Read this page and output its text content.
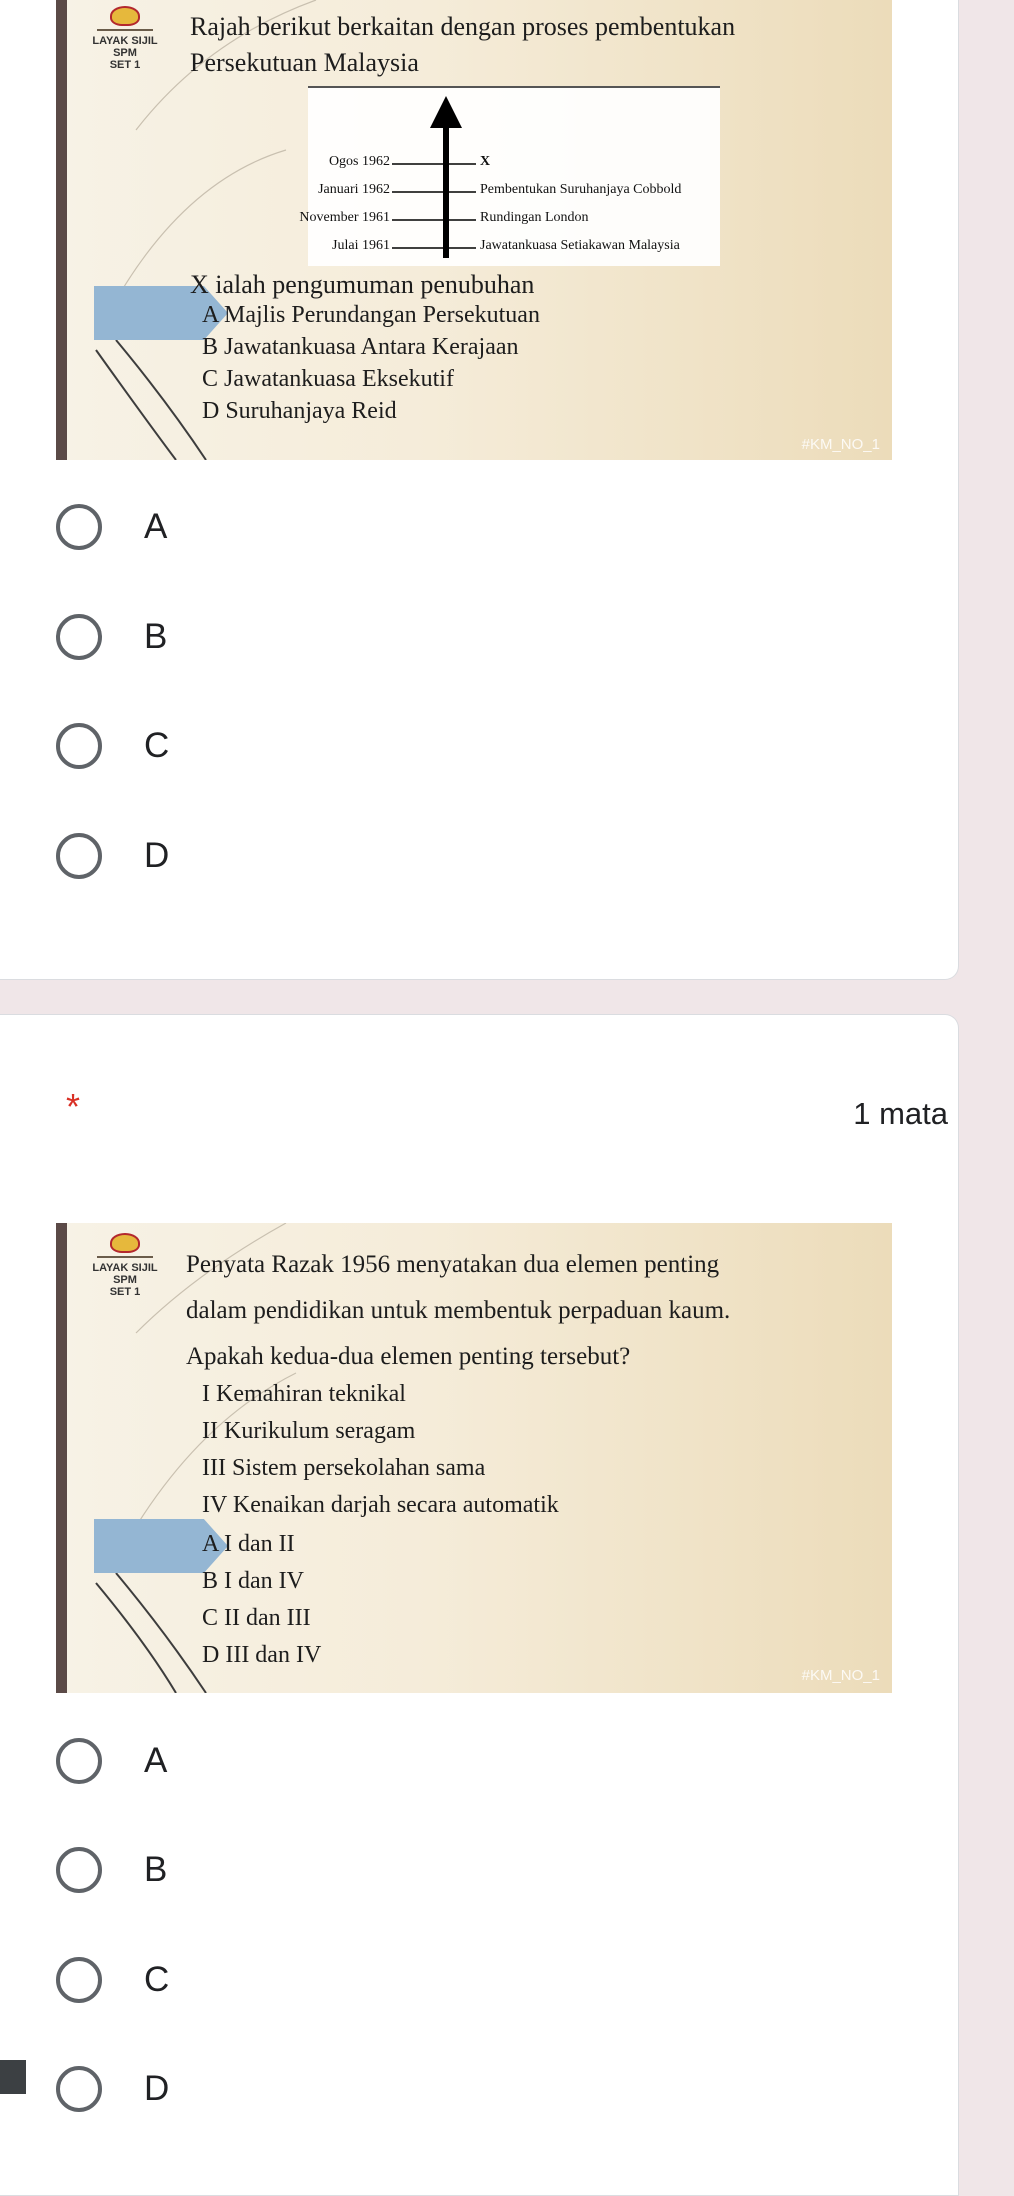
LAYAK SIJIL
SPM
SET 1
Rajah berikut berkaitan dengan proses pembentukan
Persekutuan Malaysia
Ogos 1962	X
Januari 1962	Pembentukan Suruhanjaya Cobbold
November 1961	Rundingan London
Julai 1961	Jawatankuasa Setiakawan Malaysia
X ialah pengumuman penubuhan
A Majlis Perundangan Persekutuan
B Jawatankuasa Antara Kerajaan
C Jawatankuasa Eksekutif
D Suruhanjaya Reid
#KM_NO_1
A
B
C
D
*	1 mata
LAYAK SIJIL
SPM
SET 1
Penyata Razak 1956 menyatakan dua elemen penting
dalam pendidikan untuk membentuk perpaduan kaum.
Apakah kedua-dua elemen penting tersebut?
I Kemahiran teknikal
II Kurikulum seragam
III Sistem persekolahan sama
IV Kenaikan darjah secara automatik
A I dan II
B I dan IV
C II dan III
D III dan IV
#KM_NO_1
A
B
C
D
